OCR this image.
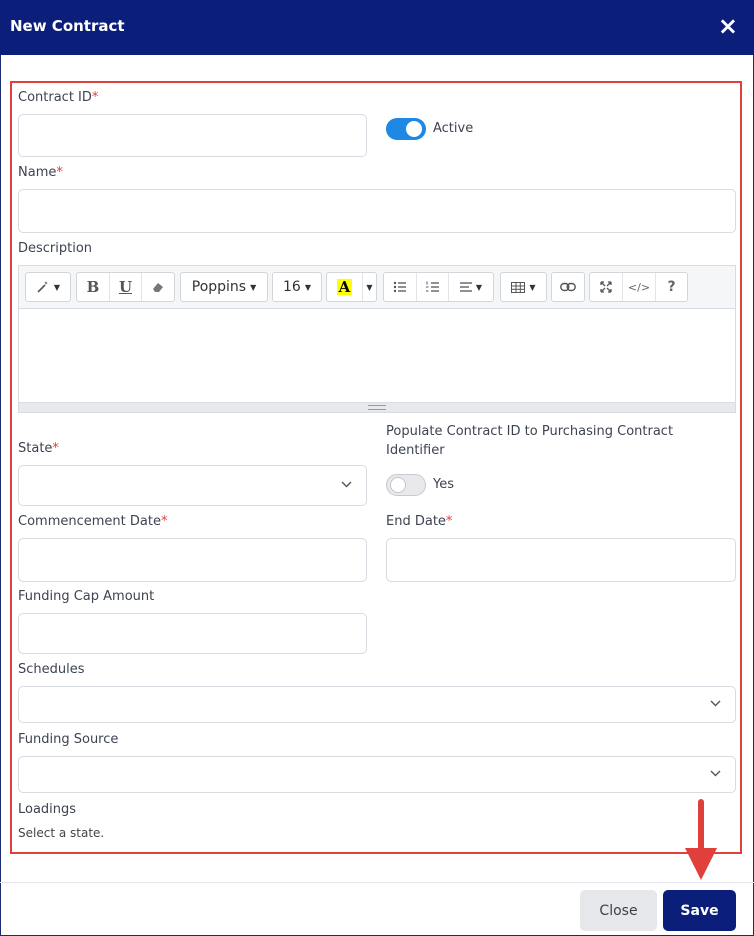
New Contract	×
Contract ID*
Active
Name*
Description
▼	B	U	Poppins ▼ 16 ▼ A ▼	▼	▼	</> ?
State*
Populate Contract ID to Purchasing Contract Identifier
Yes
Commencement Date*	End Date*
Funding Cap Amount
Schedules
Funding Source
Loadings
Select a state.
Close	Save
